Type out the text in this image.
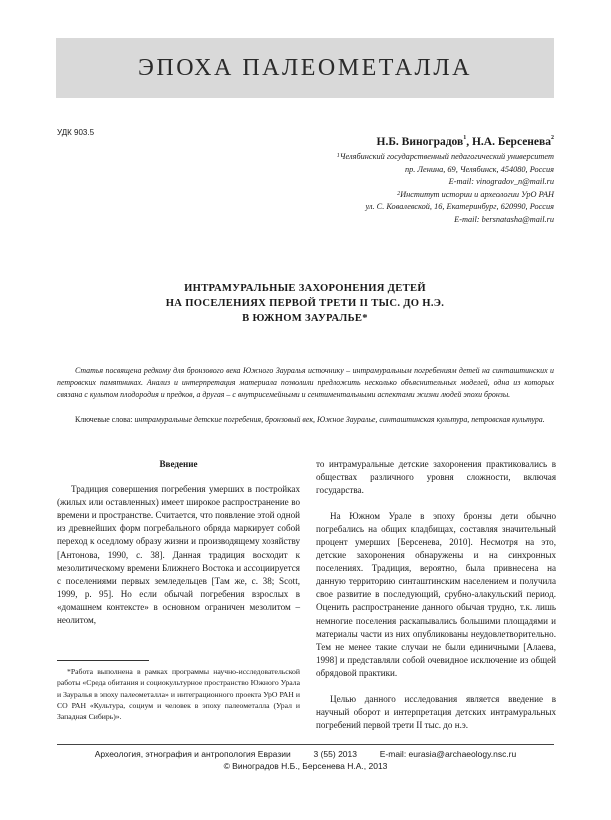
ЭПОХА ПАЛЕОМЕТАЛЛА
УДК 903.5
Н.Б. Виноградов$^1$, Н.А. Берсенева$^2$
$^1$Челябинский государственный педагогический университет
пр. Ленина, 69, Челябинск, 454080, Россия
E-mail: vinogradov_n@mail.ru
$^2$Институт истории и археологии УрО РАН
ул. С. Ковалевской, 16, Екатеринбург, 620990, Россия
E-mail: bersnatasha@mail.ru
ИНТРАМУРАЛЬНЫЕ ЗАХОРОНЕНИЯ ДЕТЕЙ
НА ПОСЕЛЕНИЯХ ПЕРВОЙ ТРЕТИ II ТЫС. ДО Н.Э.
В ЮЖНОМ ЗАУРАЛЬЕ*

Статья посвящена редкому для бронзового века Южного Зауралья источнику – интрамуральным погребениям детей на синташтинских и петровских памятниках. Анализ и интерпретация материала позволили предложить несколько объяснительных моделей, одна из которых связана с культом плодородия и предков, а другая – с внутрисемейными и сентиментальными аспектами жизни людей эпохи бронзы.

Ключевые слова: интрамуральные детские погребения, бронзовый век, Южное Зауралье, синташтинская культура, петровская культура.

Введение

Традиция совершения погребения умерших в постройках (жилых или оставленных) имеет широкое распространение во времени и пространстве. Считается, что появление этой одной из древнейших форм погребального обряда маркирует собой переход к оседлому образу жизни и производящему хозяйству [Антонова, 1990, с. 38]. Данная традиция восходит к мезолитическому времени Ближнего Востока и ассоциируется с поселениями первых земледельцев [Там же, с. 38; Scott, 1999, p. 95]. Но если обычай погребения взрослых в «домашнем контексте» в основном ограничен мезолитом – неолитом,

то интрамуральные детские захоронения практиковались в обществах различного уровня сложности, включая государства.

На Южном Урале в эпоху бронзы дети обычно погребались на общих кладбищах, составляя значительный процент умерших [Берсенева, 2010]. Несмотря на это, детские захоронения обнаружены и на синхронных поселениях. Традиция, вероятно, была привнесена на данную территорию синташтинским населением и получила свое развитие в последующий, срубно-алакульский период. Оценить распространение данного обычая трудно, т.к. лишь немногие поселения раскапывались большими площадями и материалы части из них опубликованы неудовлетворительно. Тем не менее такие случаи не были единичными [Алаева, 1998] и представляли собой очевидное исключение из общей обрядовой практики.

Целью данного исследования является введение в научный оборот и интерпретация детских интрамуральных погребений первой трети II тыс. до н.э.

*Работа выполнена в рамках программы научно-исследовательской работы «Среда обитания и социокультурное пространство Южного Урала и Зауралья в эпоху палеометалла» и интеграционного проекта УрО РАН и СО РАН «Культура, социум и человек в эпоху палеометалла (Урал и Западная Сибирь)».

Археология, этнография и антропология Евразии	3 (55) 2013	E-mail: eurasia@archaeology.nsc.ru
© Виноградов Н.Б., Берсенева Н.А., 2013
